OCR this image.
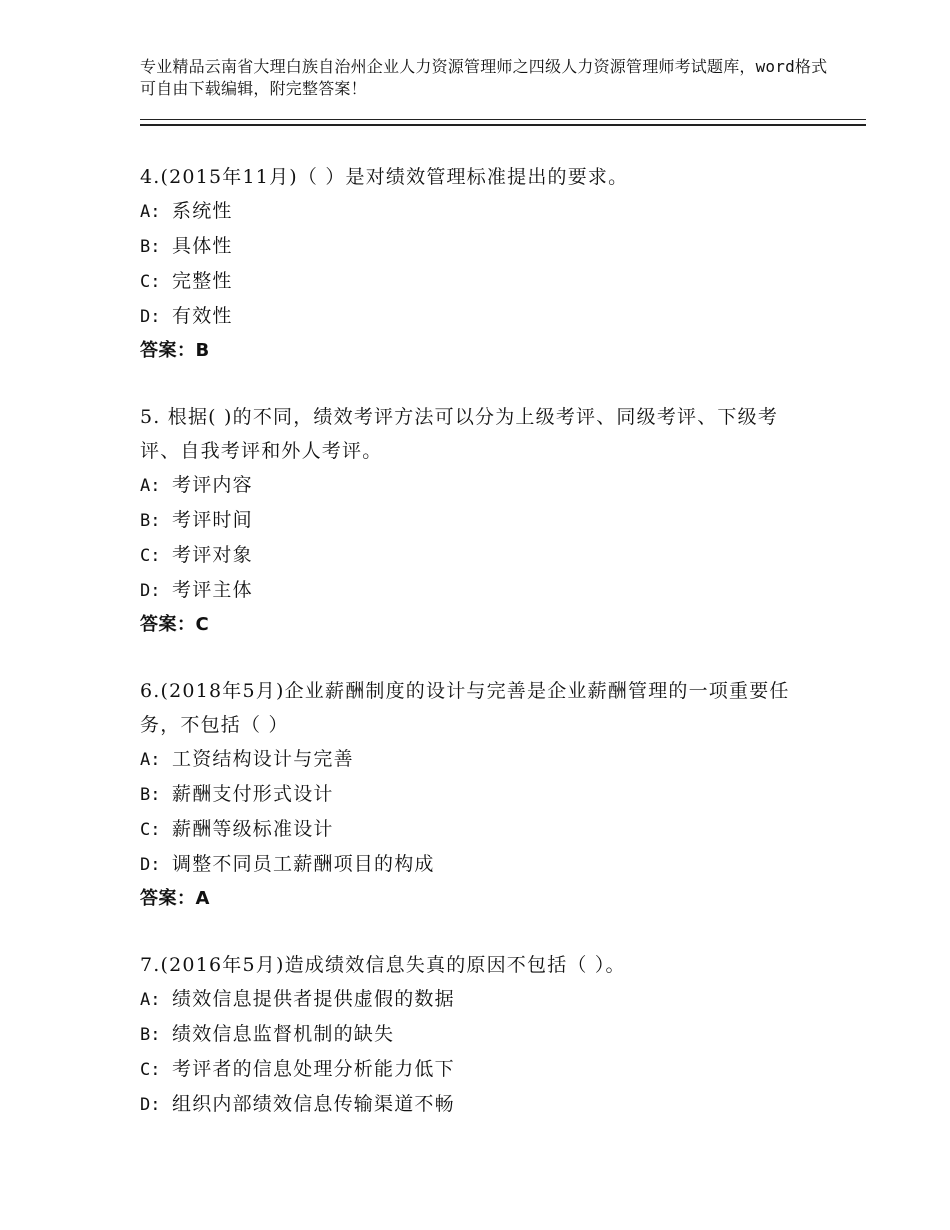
专业精品云南省大理白族自治州企业人力资源管理师之四级人力资源管理师考试题库，word格式可自由下载编辑，附完整答案！
4.(2015年11月)（ ）是对绩效管理标准提出的要求。
A: 系统性
B: 具体性
C: 完整性
D: 有效性
答案：B
5. 根据( )的不同，绩效考评方法可以分为上级考评、同级考评、下级考评、自我考评和外人考评。
A: 考评内容
B: 考评时间
C: 考评对象
D: 考评主体
答案：C
6.(2018年5月)企业薪酬制度的设计与完善是企业薪酬管理的一项重要任务，不包括（ ）
A: 工资结构设计与完善
B: 薪酬支付形式设计
C: 薪酬等级标准设计
D: 调整不同员工薪酬项目的构成
答案：A
7.(2016年5月)造成绩效信息失真的原因不包括（ ）。
A: 绩效信息提供者提供虚假的数据
B: 绩效信息监督机制的缺失
C: 考评者的信息处理分析能力低下
D: 组织内部绩效信息传输渠道不畅
